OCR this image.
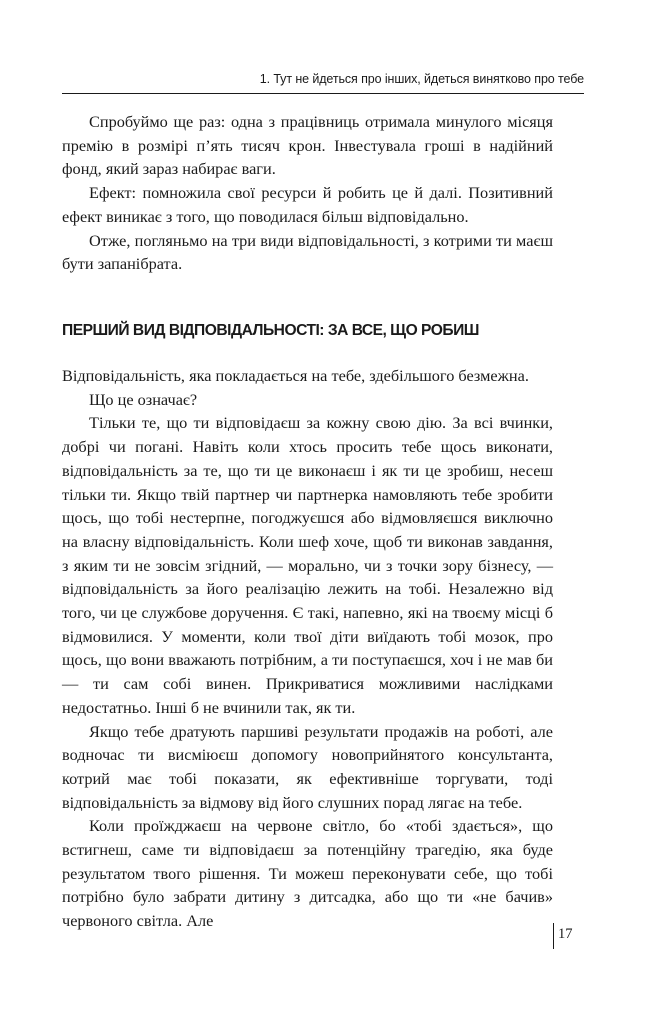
1. Тут не йдеться про інших, йдеться винятково про тебе

Спробуймо ще раз: одна з працівниць отримала минулого місяця премію в розмірі п’ять тисяч крон. Інвестувала гроші в надійний фонд, який зараз набирає ваги.

Ефект: помножила свої ресурси й робить це й далі. Позитивний ефект виникає з того, що поводилася більш відповідально.

Отже, погляньмо на три види відповідальності, з котрими ти маєш бути запанібрата.

ПЕРШИЙ ВИД ВІДПОВІДАЛЬНОСТІ: ЗА ВСЕ, ЩО РОБИШ

Відповідальність, яка покладається на тебе, здебільшого безмежна.

Що це означає?

Тільки те, що ти відповідаєш за кожну свою дію. За всі вчинки, добрі чи погані. Навіть коли хтось просить тебе щось виконати, відповідальність за те, що ти це виконаєш і як ти це зробиш, несеш тільки ти. Якщо твій партнер чи партнерка намовляють тебе зробити щось, що тобі нестерпне, погоджуєшся або відмовляєшся виключно на власну відповідальність. Коли шеф хоче, щоб ти виконав завдання, з яким ти не зовсім згідний, — морально, чи з точки зору бізнесу, — відповідальність за його реалізацію лежить на тобі. Незалежно від того, чи це службове доручення. Є такі, напевно, які на твоєму місці б відмовилися. У моменти, коли твої діти виїдають тобі мозок, про щось, що вони вважають потрібним, а ти поступаєшся, хоч і не мав би — ти сам собі винен. Прикриватися можливими наслідками недостатньо. Інші б не вчинили так, як ти.

Якщо тебе дратують паршиві результати продажів на роботі, але водночас ти висміюєш допомогу новоприйнятого консультанта, котрий має тобі показати, як ефективніше торгувати, тоді відповідальність за відмову від його слушних порад лягає на тебе.

Коли проїжджаєш на червоне світло, бо «тобі здається», що встигнеш, саме ти відповідаєш за потенційну трагедію, яка буде результатом твого рішення. Ти можеш переконувати себе, що тобі потрібно було забрати дитину з дитсадка, або що ти «не бачив» червоного світла. Але

17
